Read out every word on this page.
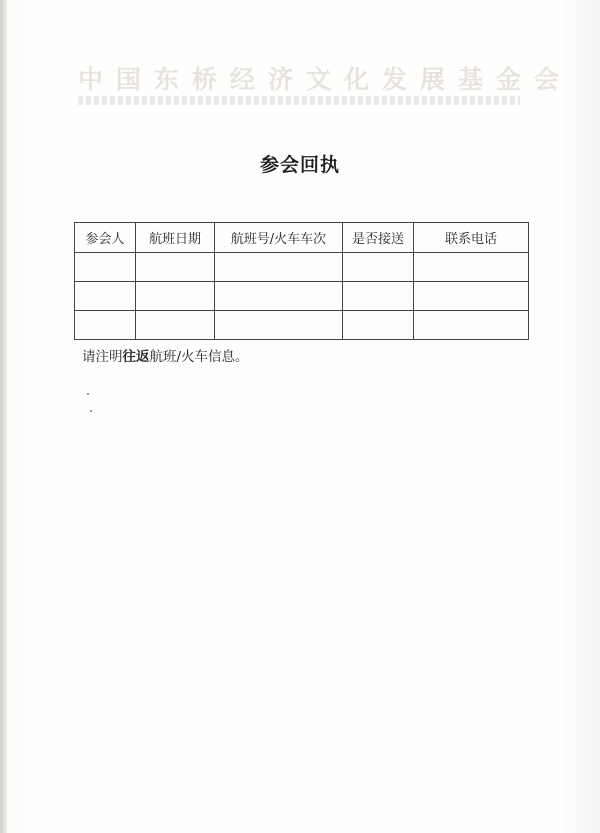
中国东桥经济文化发展基金会
参会回执
参会人	航班日期	航班号/火车车次	是否接送	联系电话

请注明往返航班/火车信息。
